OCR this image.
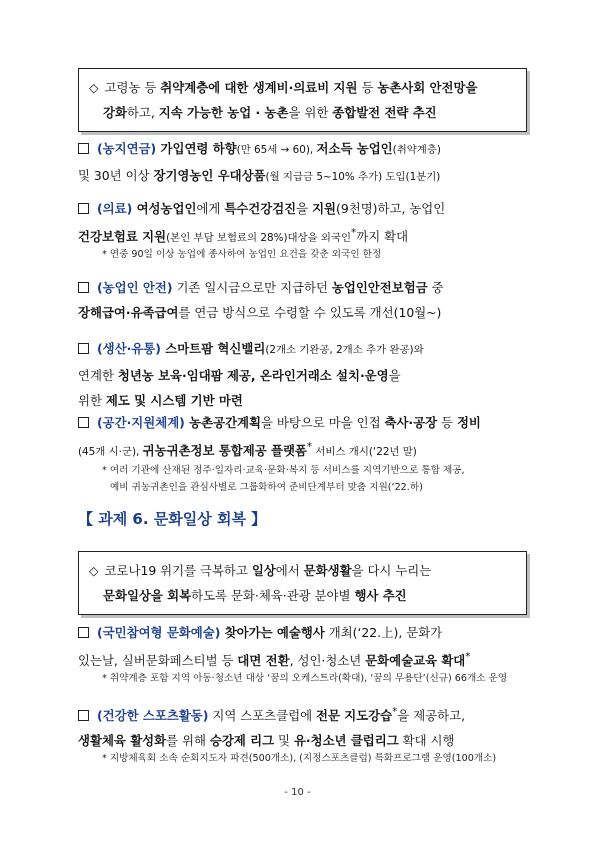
◇ 고령농 등 취약계층에 대한 생계비·의료비 지원 등 농촌사회 안전망을
강화하고, 지속 가능한 농업 · 농촌을 위한 종합발전 전략 추진
(농지연금) 가입연령 하향(만 65세 → 60), 저소득 농업인(취약계층)
및 30년 이상 장기영농인 우대상품(월 지급금 5~10% 추가) 도입(1분기)
(의료) 여성농업인에게 특수건강검진을 지원(9천명)하고, 농업인
건강보험료 지원(본인 부담 보험료의 28%)대상을 외국인*까지 확대
* 연중 90일 이상 농업에 종사하여 농업인 요건을 갖춘 외국인 한정
(농업인 안전) 기존 일시금으로만 지급하던 농업인안전보험금 중
장해급여·유족급여를 연금 방식으로 수령할 수 있도록 개선(10월~)
(생산·유통) 스마트팜 혁신밸리(2개소 기완공, 2개소 추가 완공)와
연계한 청년농 보육·임대팜 제공, 온라인거래소 설치·운영을
위한 제도 및 시스템 기반 마련
(공간·지원체계) 농촌공간계획을 바탕으로 마을 인접 축사·공장 등 정비
(45개 시·군), 귀농귀촌정보 통합제공 플랫폼* 서비스 개시(‘22년 말)
* 여러 기관에 산재된 정주·일자리·교육·문화·복지 등 서비스를 지역기반으로 통합 제공,
예비 귀농귀촌인을 관심사별로 그룹화하여 준비단계부터 맞춤 지원(‘22.하)
【 과제 6. 문화일상 회복 】
◇ 코로나19 위기를 극복하고 일상에서 문화생활을 다시 누리는
문화일상을 회복하도록 문화·체육·관광 분야별 행사 추진
(국민참여형 문화예술) 찾아가는 예술행사 개최(‘22.上), 문화가
있는날, 실버문화페스티벌 등 대면 전환, 성인·청소년 문화예술교육 확대*
* 취약계층 포함 지역 아동·청소년 대상 ‘꿈의 오케스트라(확대), ‘꿈의 무용단’(신규) 66개소 운영
(건강한 스포츠활동) 지역 스포츠클럽에 전문 지도강습*을 제공하고,
생활체육 활성화를 위해 승강제 리그 및 유·청소년 클럽리그 확대 시행
* 지방체육회 소속 순회지도자 파견(500개소), (지정스포츠클럽) 특화프로그램 운영(100개소)
- 10 -
